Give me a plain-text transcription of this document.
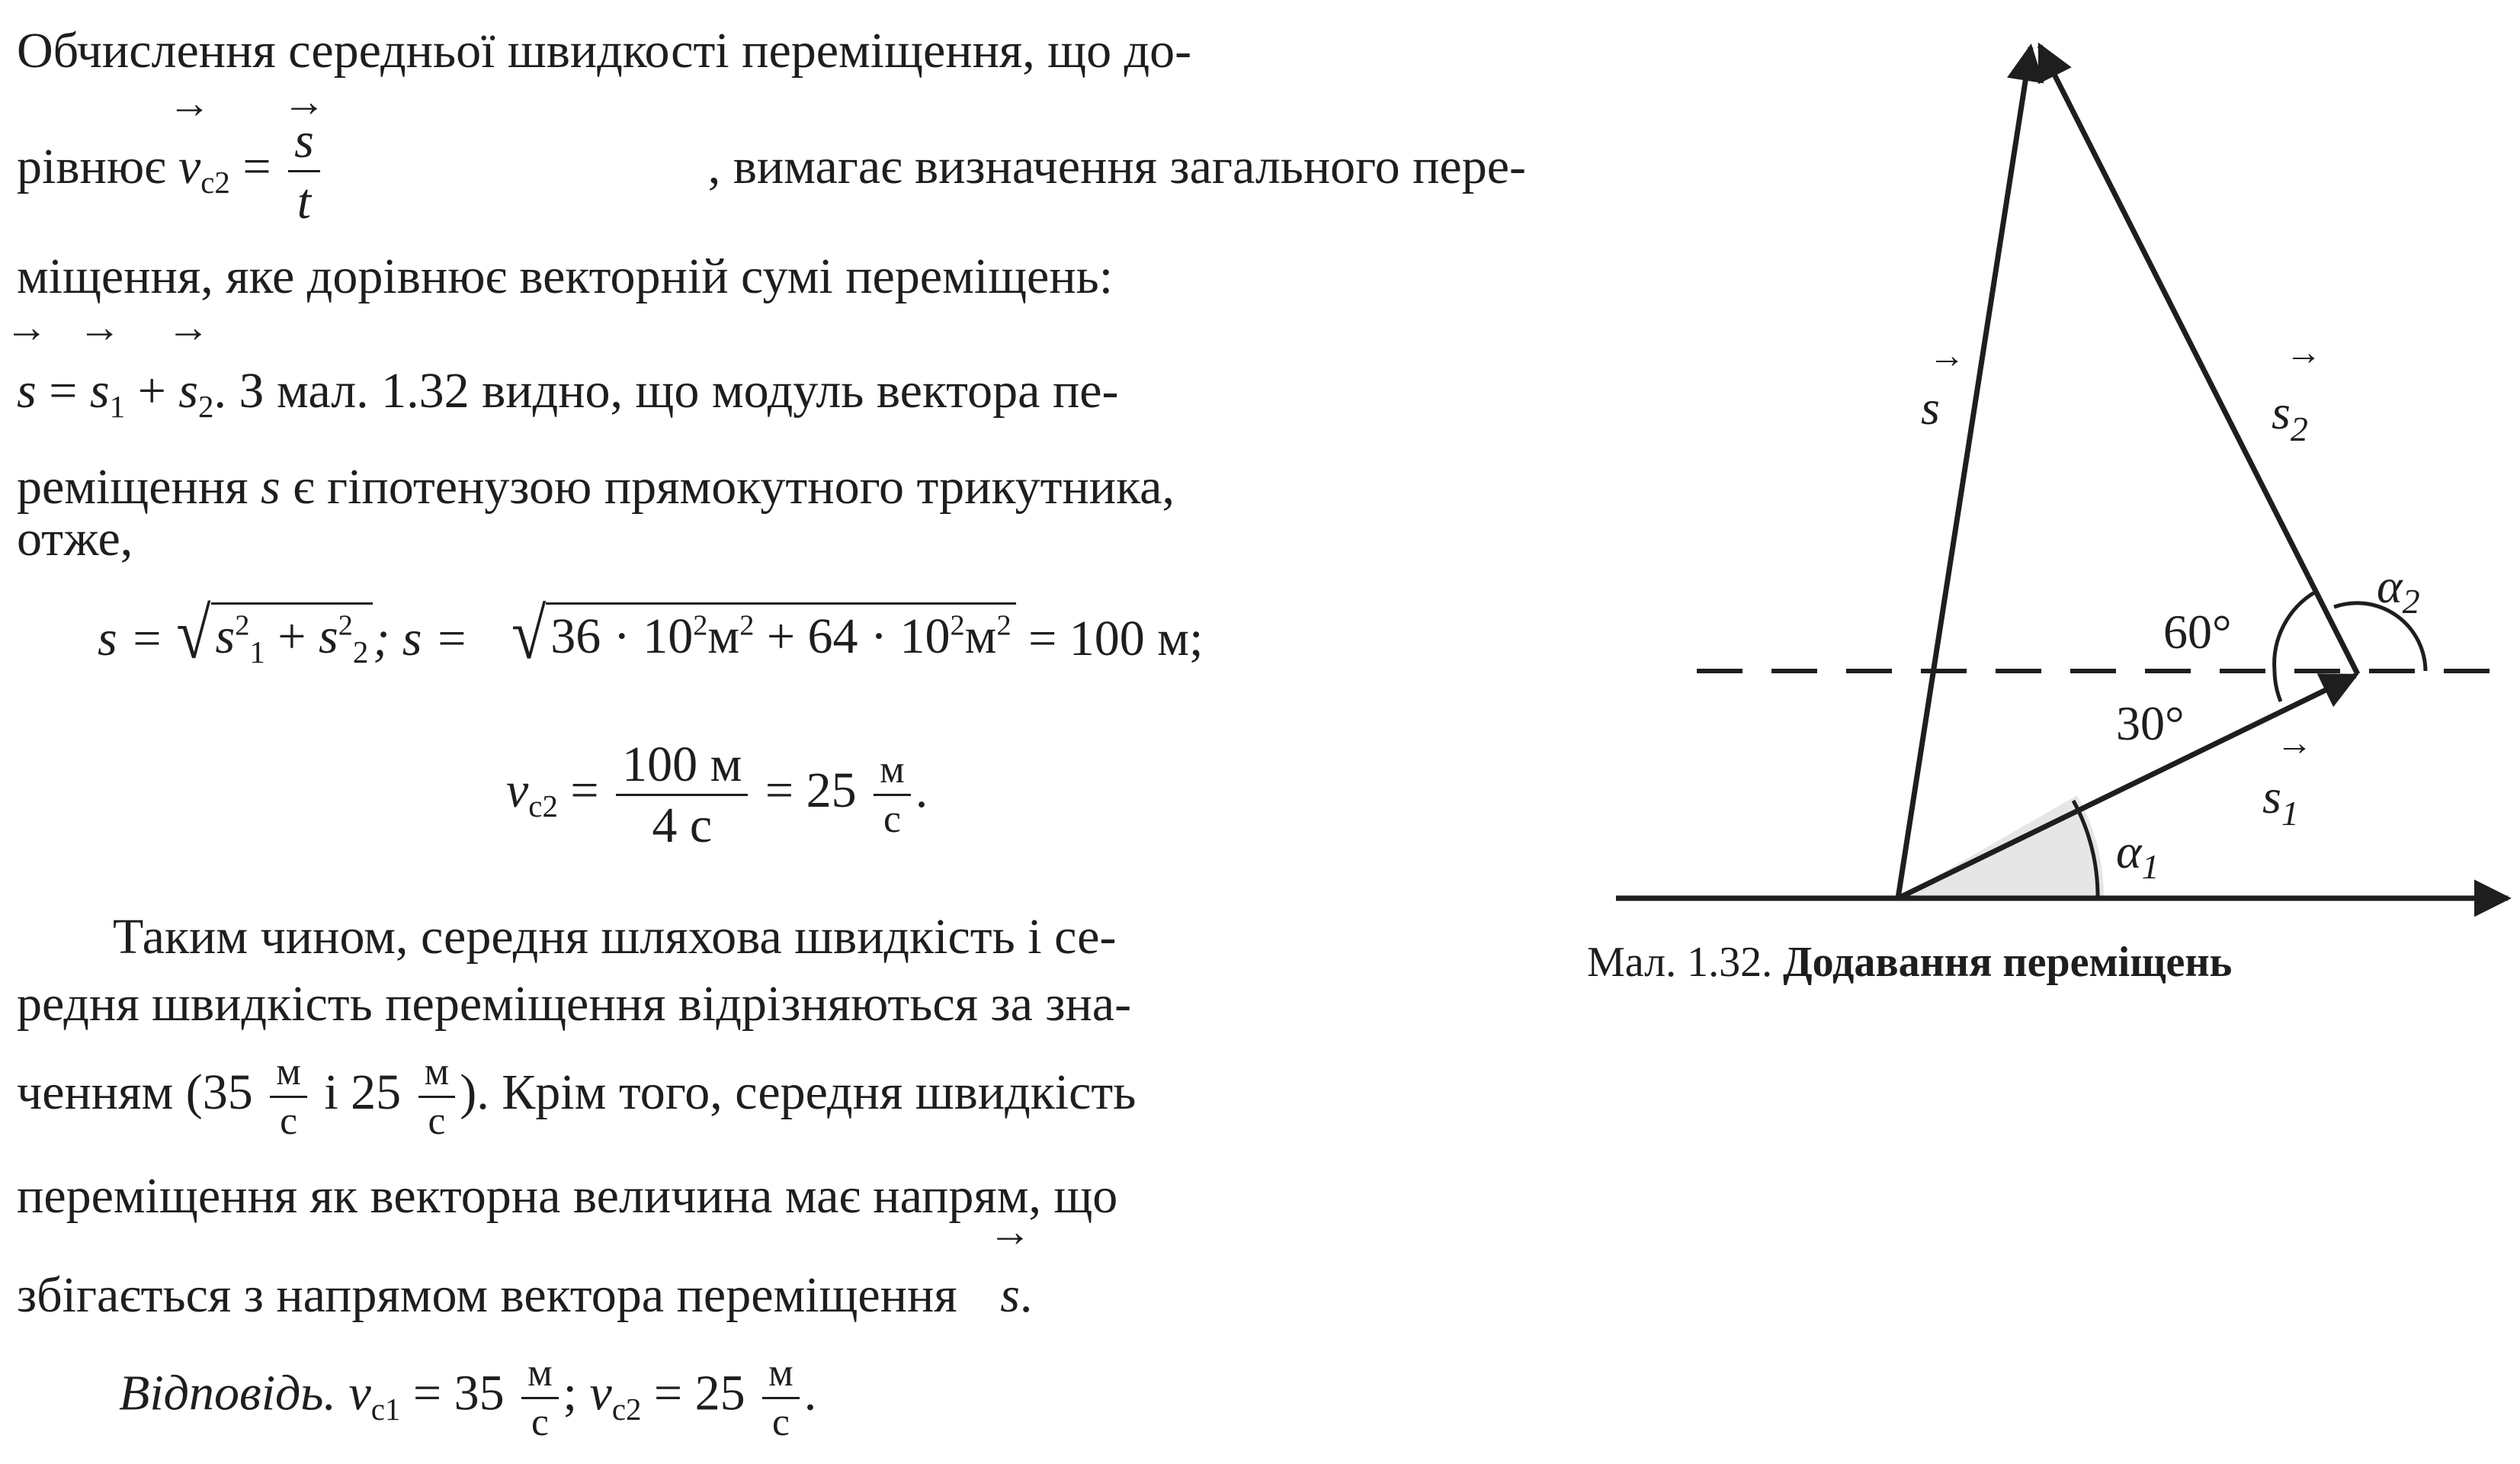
Обчислення середньої швидкості переміщення, що до-
рівнює → $v_{c2}$ = → $\frac{s}{t}$	, вимагає визначення загального пере-
міщення, яке дорівнює векторній сумі переміщень:
→ s = → $s_1$ + → $s_2$. З мал. 1.32 видно, що модуль вектора пе-
реміщення s є гіпотенузою прямокутного трикутника,
отже,
s = √ $s^2_1 + s^2_2$ ; s = √ $36 \cdot 10^2м^2 + 64 \cdot 10^2м^2 = 100$ м;
$v_{c2} = \frac{100 м}{4 с} = 25 \frac{м}{с}$ .
Таким чином, середня шляхова швидкість і се-
редня швидкість переміщення відрізняються за зна-
ченням ($35 \frac{м}{с}$ і $25 \frac{м}{с}$ ). Крім того, середня швидкість
переміщення як векторна величина має напрям, що
збігається з напрямом вектора переміщення → s.
Відповідь. $v_{c1} = 35 \frac{м}{с}$ ; $v_{c2} = 25 \frac{м}{с}$ .
s
→
$s_2$
→
$s_1$
→
60°
30°
$\alpha_1$
$\alpha_2$
Мал. 1.32. Додавання переміщень
